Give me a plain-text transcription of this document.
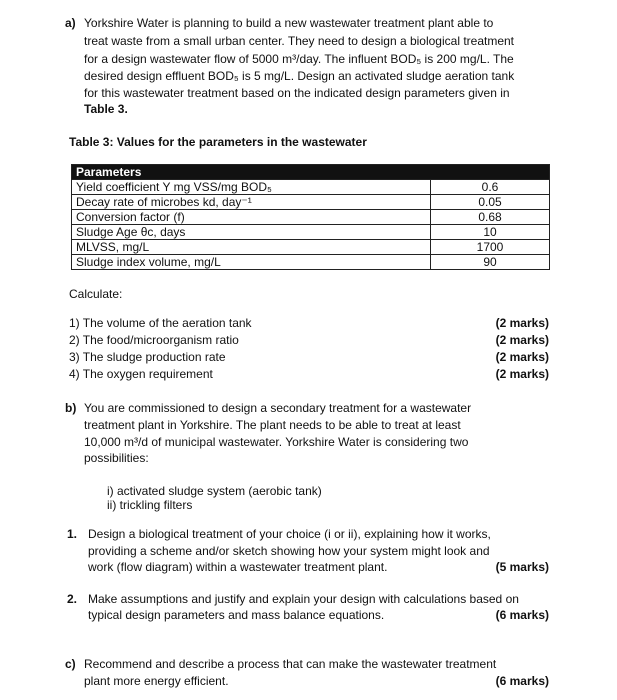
a) Yorkshire Water is planning to build a new wastewater treatment plant able to
treat waste from a small urban center. They need to design a biological treatment
for a design wastewater flow of 5000 m³/day. The influent BOD₅ is 200 mg/L. The
desired design effluent BOD₅ is 5 mg/L. Design an activated sludge aeration tank
for this wastewater treatment based on the indicated design parameters given in
Table 3.
Table 3: Values for the parameters in the wastewater
Parameters	
Yield coefficient Y mg VSS/mg BOD₅	0.6
Decay rate of microbes kd, day⁻¹	0.05
Conversion factor (f)	0.68
Sludge Age θc, days	10
MLVSS, mg/L	1700
Sludge index volume, mg/L	90
Calculate:
1) The volume of the aeration tank	(2 marks)
2) The food/microorganism ratio	(2 marks)
3) The sludge production rate	(2 marks)
4) The oxygen requirement	(2 marks)
b) You are commissioned to design a secondary treatment for a wastewater
treatment plant in Yorkshire. The plant needs to be able to treat at least
10,000 m³/d of municipal wastewater. Yorkshire Water is considering two
possibilities:
i) activated sludge system (aerobic tank)
ii) trickling filters
1. Design a biological treatment of your choice (i or ii), explaining how it works,
providing a scheme and/or sketch showing how your system might look and
work (flow diagram) within a wastewater treatment plant.	(5 marks)
2. Make assumptions and justify and explain your design with calculations based on
typical design parameters and mass balance equations.	(6 marks)
c) Recommend and describe a process that can make the wastewater treatment
plant more energy efficient.	(6 marks)
